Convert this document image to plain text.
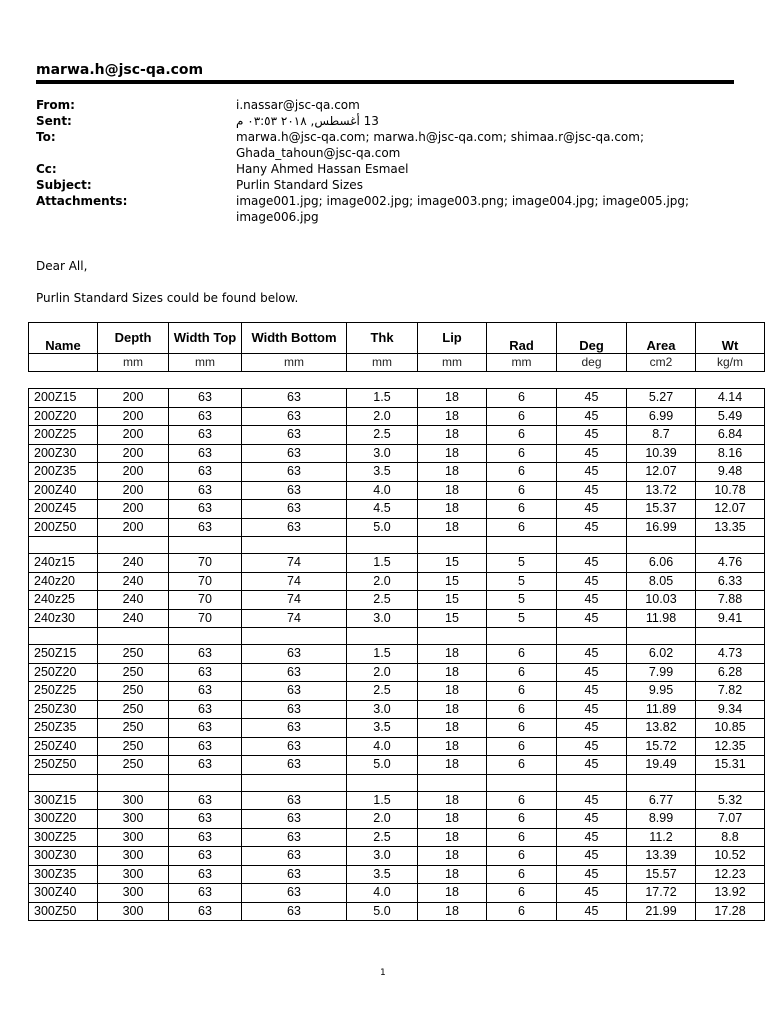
marwa.h@jsc-qa.com
From:	i.nassar@jsc-qa.com
Sent:	13 أغسطس, ٢٠١٨ ٠٣:٥٣ م
To:	marwa.h@jsc-qa.com; marwa.h@jsc-qa.com; shimaa.r@jsc-qa.com;
Ghada_tahoun@jsc-qa.com
Cc:	Hany Ahmed Hassan Esmael
Subject:	Purlin Standard Sizes
Attachments:	image001.jpg; image002.jpg; image003.png; image004.jpg; image005.jpg;
image006.jpg
Dear All,
Purlin Standard Sizes could be found below.
Name	Depth	Width Top	Width Bottom	Thk	Lip	Rad	Deg	Area	Wt
	mm	mm	mm	mm	mm	mm	deg	cm2	kg/m

200Z15	200	63	63	1.5	18	6	45	5.27	4.14
200Z20	200	63	63	2.0	18	6	45	6.99	5.49
200Z25	200	63	63	2.5	18	6	45	8.7	6.84
200Z30	200	63	63	3.0	18	6	45	10.39	8.16
200Z35	200	63	63	3.5	18	6	45	12.07	9.48
200Z40	200	63	63	4.0	18	6	45	13.72	10.78
200Z45	200	63	63	4.5	18	6	45	15.37	12.07
200Z50	200	63	63	5.0	18	6	45	16.99	13.35

240z15	240	70	74	1.5	15	5	45	6.06	4.76
240z20	240	70	74	2.0	15	5	45	8.05	6.33
240z25	240	70	74	2.5	15	5	45	10.03	7.88
240z30	240	70	74	3.0	15	5	45	11.98	9.41

250Z15	250	63	63	1.5	18	6	45	6.02	4.73
250Z20	250	63	63	2.0	18	6	45	7.99	6.28
250Z25	250	63	63	2.5	18	6	45	9.95	7.82
250Z30	250	63	63	3.0	18	6	45	11.89	9.34
250Z35	250	63	63	3.5	18	6	45	13.82	10.85
250Z40	250	63	63	4.0	18	6	45	15.72	12.35
250Z50	250	63	63	5.0	18	6	45	19.49	15.31

300Z15	300	63	63	1.5	18	6	45	6.77	5.32
300Z20	300	63	63	2.0	18	6	45	8.99	7.07
300Z25	300	63	63	2.5	18	6	45	11.2	8.8
300Z30	300	63	63	3.0	18	6	45	13.39	10.52
300Z35	300	63	63	3.5	18	6	45	15.57	12.23
300Z40	300	63	63	4.0	18	6	45	17.72	13.92
300Z50	300	63	63	5.0	18	6	45	21.99	17.28
1
